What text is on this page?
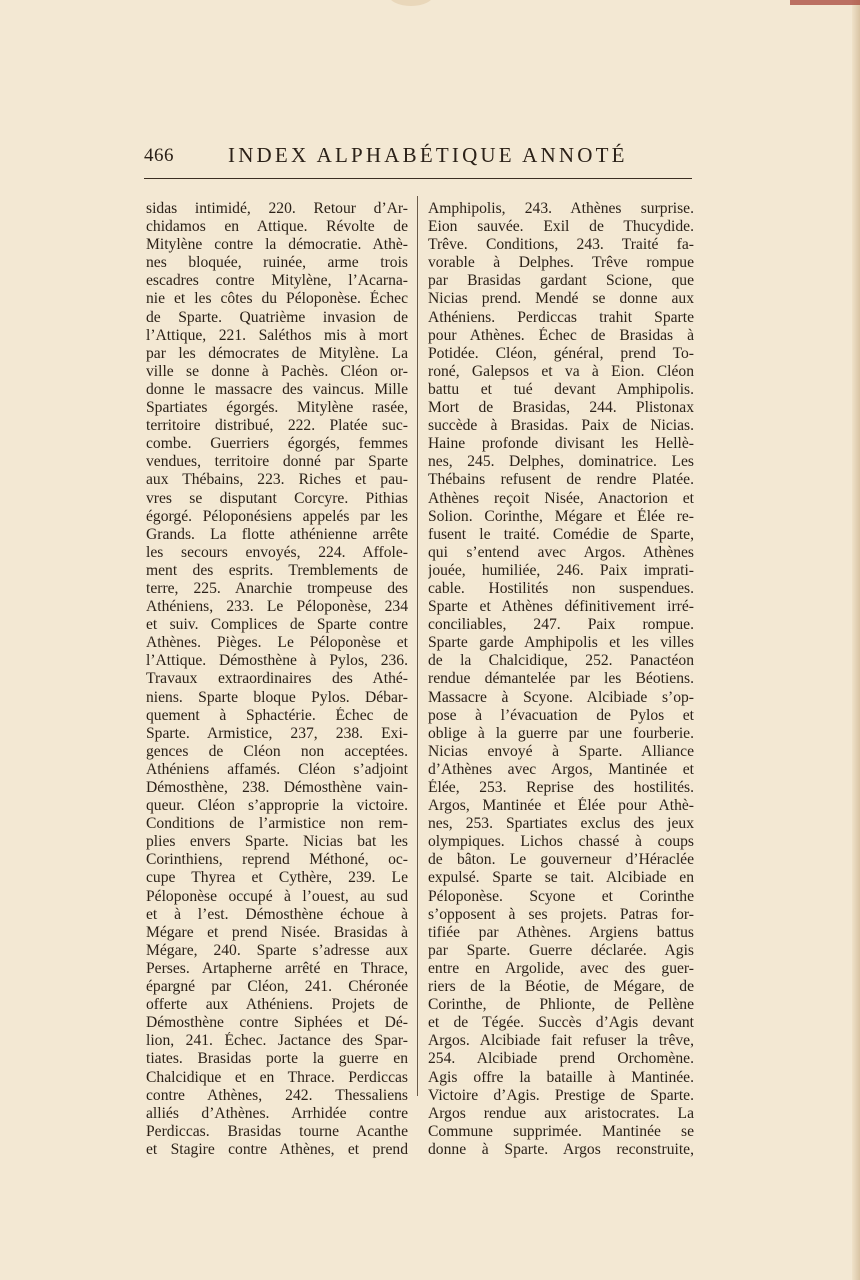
466	INDEX ALPHABÉTIQUE ANNOTÉ
sidas intimidé, 220. Retour d’Ar-
chidamos en Attique. Révolte de
Mitylène contre la démocratie. Athè-
nes bloquée, ruinée, arme trois
escadres contre Mitylène, l’Acarna-
nie et les côtes du Péloponèse. Échec
de Sparte. Quatrième invasion de
l’Attique, 221. Saléthos mis à mort
par les démocrates de Mitylène. La
ville se donne à Pachès. Cléon or-
donne le massacre des vaincus. Mille
Spartiates égorgés. Mitylène rasée,
territoire distribué, 222. Platée suc-
combe. Guerriers égorgés, femmes
vendues, territoire donné par Sparte
aux Thébains, 223. Riches et pau-
vres se disputant Corcyre. Pithias
égorgé. Péloponésiens appelés par les
Grands. La flotte athénienne arrête
les secours envoyés, 224. Affole-
ment des esprits. Tremblements de
terre, 225. Anarchie trompeuse des
Athéniens, 233. Le Péloponèse, 234
et suiv. Complices de Sparte contre
Athènes. Pièges. Le Péloponèse et
l’Attique. Démosthène à Pylos, 236.
Travaux extraordinaires des Athé-
niens. Sparte bloque Pylos. Débar-
quement à Sphactérie. Échec de
Sparte. Armistice, 237, 238. Exi-
gences de Cléon non acceptées.
Athéniens affamés. Cléon s’adjoint
Démosthène, 238. Démosthène vain-
queur. Cléon s’approprie la victoire.
Conditions de l’armistice non rem-
plies envers Sparte. Nicias bat les
Corinthiens, reprend Méthoné, oc-
cupe Thyrea et Cythère, 239. Le
Péloponèse occupé à l’ouest, au sud
et à l’est. Démosthène échoue à
Mégare et prend Nisée. Brasidas à
Mégare, 240. Sparte s’adresse aux
Perses. Artapherne arrêté en Thrace,
épargné par Cléon, 241. Chéronée
offerte aux Athéniens. Projets de
Démosthène contre Siphées et Dé-
lion, 241. Échec. Jactance des Spar-
tiates. Brasidas porte la guerre en
Chalcidique et en Thrace. Perdiccas
contre Athènes, 242. Thessaliens
alliés d’Athènes. Arrhidée contre
Perdiccas. Brasidas tourne Acanthe
et Stagire contre Athènes, et prend
Amphipolis, 243. Athènes surprise.
Eion sauvée. Exil de Thucydide.
Trêve. Conditions, 243. Traité fa-
vorable à Delphes. Trêve rompue
par Brasidas gardant Scione, que
Nicias prend. Mendé se donne aux
Athéniens. Perdiccas trahit Sparte
pour Athènes. Échec de Brasidas à
Potidée. Cléon, général, prend To-
roné, Galepsos et va à Eion. Cléon
battu et tué devant Amphipolis.
Mort de Brasidas, 244. Plistonax
succède à Brasidas. Paix de Nicias.
Haine profonde divisant les Hellè-
nes, 245. Delphes, dominatrice. Les
Thébains refusent de rendre Platée.
Athènes reçoit Nisée, Anactorion et
Solion. Corinthe, Mégare et Élée re-
fusent le traité. Comédie de Sparte,
qui s’entend avec Argos. Athènes
jouée, humiliée, 246. Paix imprati-
cable. Hostilités non suspendues.
Sparte et Athènes définitivement irré-
conciliables, 247. Paix rompue.
Sparte garde Amphipolis et les villes
de la Chalcidique, 252. Panactéon
rendue démantelée par les Béotiens.
Massacre à Scyone. Alcibiade s’op-
pose à l’évacuation de Pylos et
oblige à la guerre par une fourberie.
Nicias envoyé à Sparte. Alliance
d’Athènes avec Argos, Mantinée et
Élée, 253. Reprise des hostilités.
Argos, Mantinée et Élée pour Athè-
nes, 253. Spartiates exclus des jeux
olympiques. Lichos chassé à coups
de bâton. Le gouverneur d’Héraclée
expulsé. Sparte se tait. Alcibiade en
Péloponèse. Scyone et Corinthe
s’opposent à ses projets. Patras for-
tifiée par Athènes. Argiens battus
par Sparte. Guerre déclarée. Agis
entre en Argolide, avec des guer-
riers de la Béotie, de Mégare, de
Corinthe, de Phlionte, de Pellène
et de Tégée. Succès d’Agis devant
Argos. Alcibiade fait refuser la trêve,
254. Alcibiade prend Orchomène.
Agis offre la bataille à Mantinée.
Victoire d’Agis. Prestige de Sparte.
Argos rendue aux aristocrates. La
Commune supprimée. Mantinée se
donne à Sparte. Argos reconstruite,
